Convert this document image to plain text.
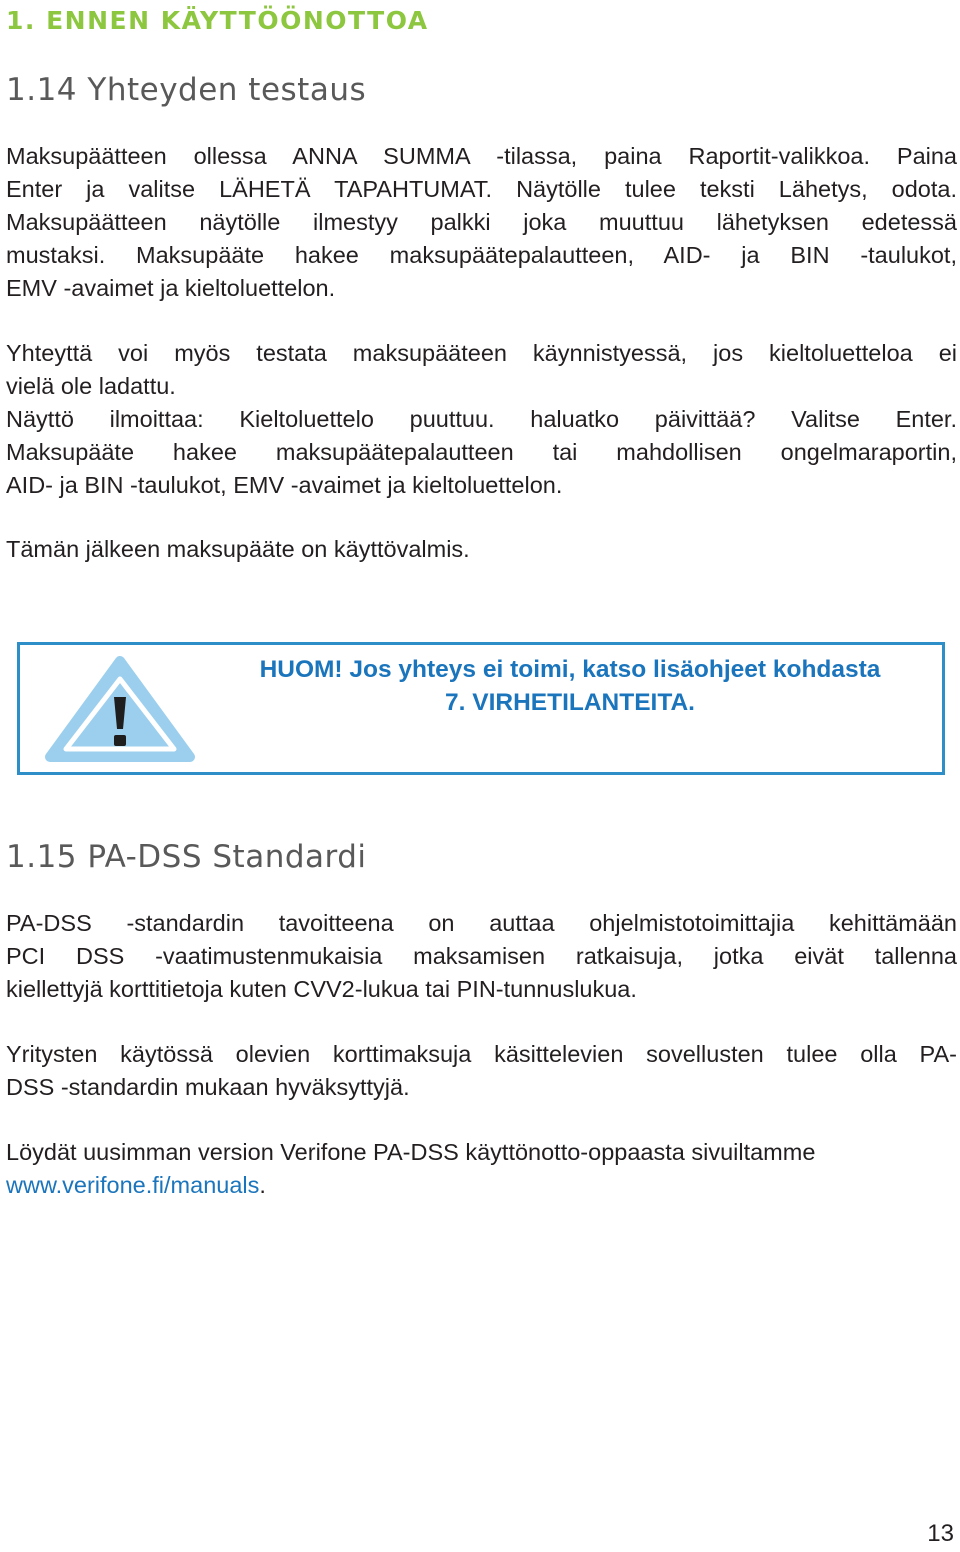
1. ENNEN KÄYTTÖÖNOTTOA
1.14 Yhteyden testaus

Maksupäätteen ollessa ANNA SUMMA -tilassa, paina Raportit-valikkoa. Paina
Enter ja valitse LÄHETÄ TAPAHTUMAT. Näytölle tulee teksti Lähetys, odota.
Maksupäätteen näytölle ilmestyy palkki joka muuttuu lähetyksen edetessä
mustaksi. Maksupääte hakee maksupäätepalautteen, AID- ja BIN -taulukot,
EMV -avaimet ja kieltoluettelon.

Yhteyttä voi myös testata maksupääteen käynnistyessä, jos kieltoluetteloa ei
vielä ole ladattu.
Näyttö ilmoittaa: Kieltoluettelo puuttuu. haluatko päivittää? Valitse Enter.
Maksupääte hakee maksupäätepalautteen tai mahdollisen ongelmaraportin,
AID- ja BIN -taulukot, EMV -avaimet ja kieltoluettelon.

Tämän jälkeen maksupääte on käyttövalmis.

HUOM! Jos yhteys ei toimi, katso lisäohjeet kohdasta
7. VIRHETILANTEITA.

1.15 PA-DSS Standardi

PA-DSS -standardin tavoitteena on auttaa ohjelmistotoimittajia kehittämään
PCI DSS -vaatimustenmukaisia maksamisen ratkaisuja, jotka eivät tallenna
kiellettyjä korttitietoja kuten CVV2-lukua tai PIN-tunnuslukua.

Yritysten käytössä olevien korttimaksuja käsittelevien sovellusten tulee olla PA-
DSS -standardin mukaan hyväksyttyjä.

Löydät uusimman version Verifone PA-DSS käyttönotto-oppaasta sivuiltamme
www.verifone.fi/manuals.

13
